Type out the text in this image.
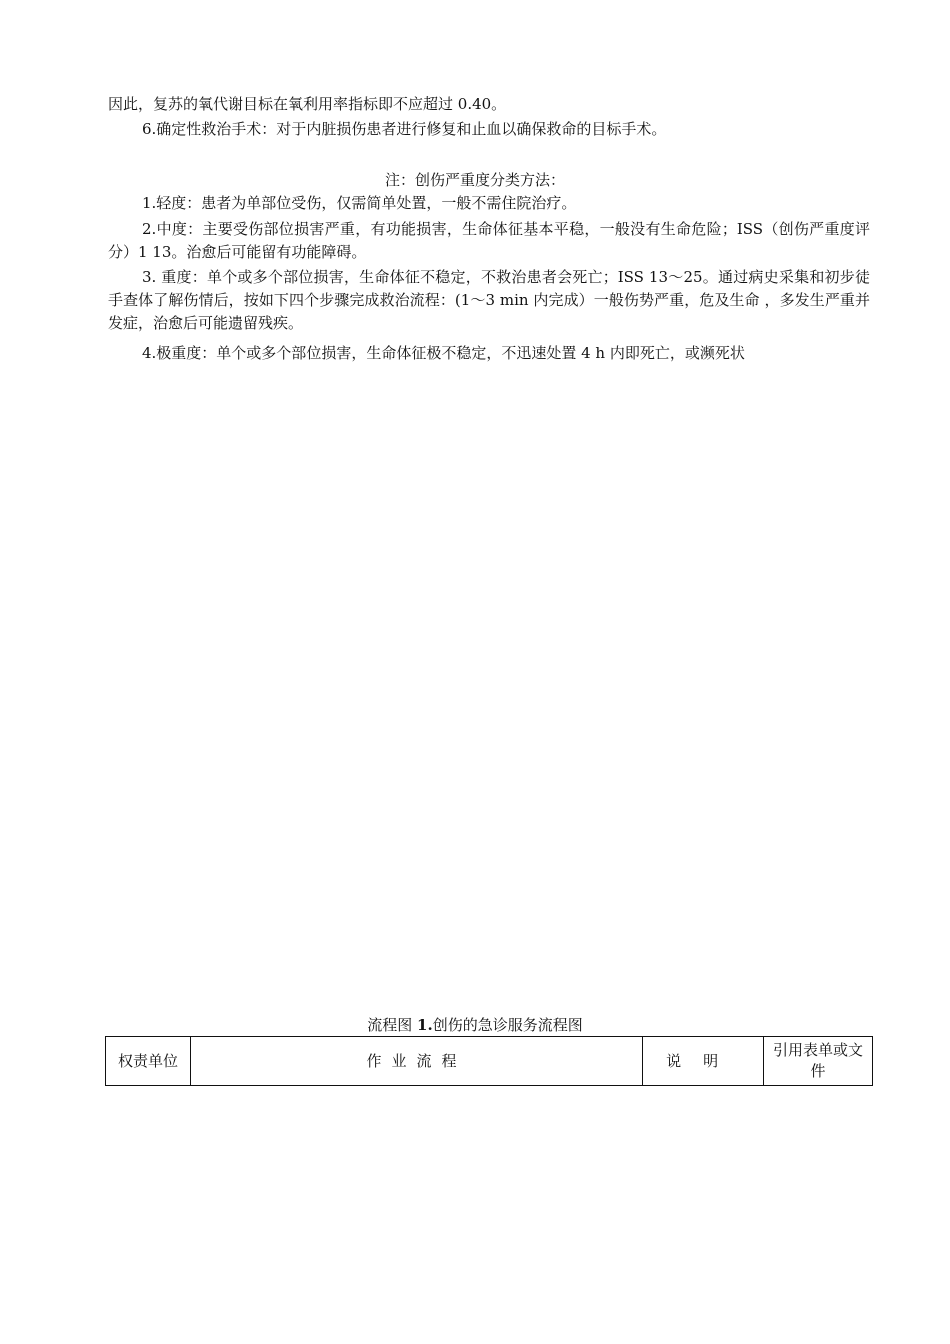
因此，复苏的氧代谢目标在氧利用率指标即不应超过 0.40。

6.确定性救治手术：对于内脏损伤患者进行修复和止血以确保救命的目标手术。

注：创伤严重度分类方法：

1.轻度：患者为单部位受伤，仅需简单处置，一般不需住院治疗。

2.中度：主要受伤部位损害严重，有功能损害，生命体征基本平稳，一般没有生命危险；ISS（创伤严重度评分）1 13。治愈后可能留有功能障碍。

3. 重度：单个或多个部位损害，生命体征不稳定，不救治患者会死亡；ISS 13～25。通过病史采集和初步徒手查体了解伤情后，按如下四个步骤完成救治流程：(1～3 min 内完成）一般伤势严重，危及生命 ，多发生严重并发症，治愈后可能遗留残疾。

4.极重度：单个或多个部位损害，生命体征极不稳定，不迅速处置 4 h 内即死亡，或濒死状

流程图 1.创伤的急诊服务流程图

权责单位	作业流程	说明	引用表单或文件
